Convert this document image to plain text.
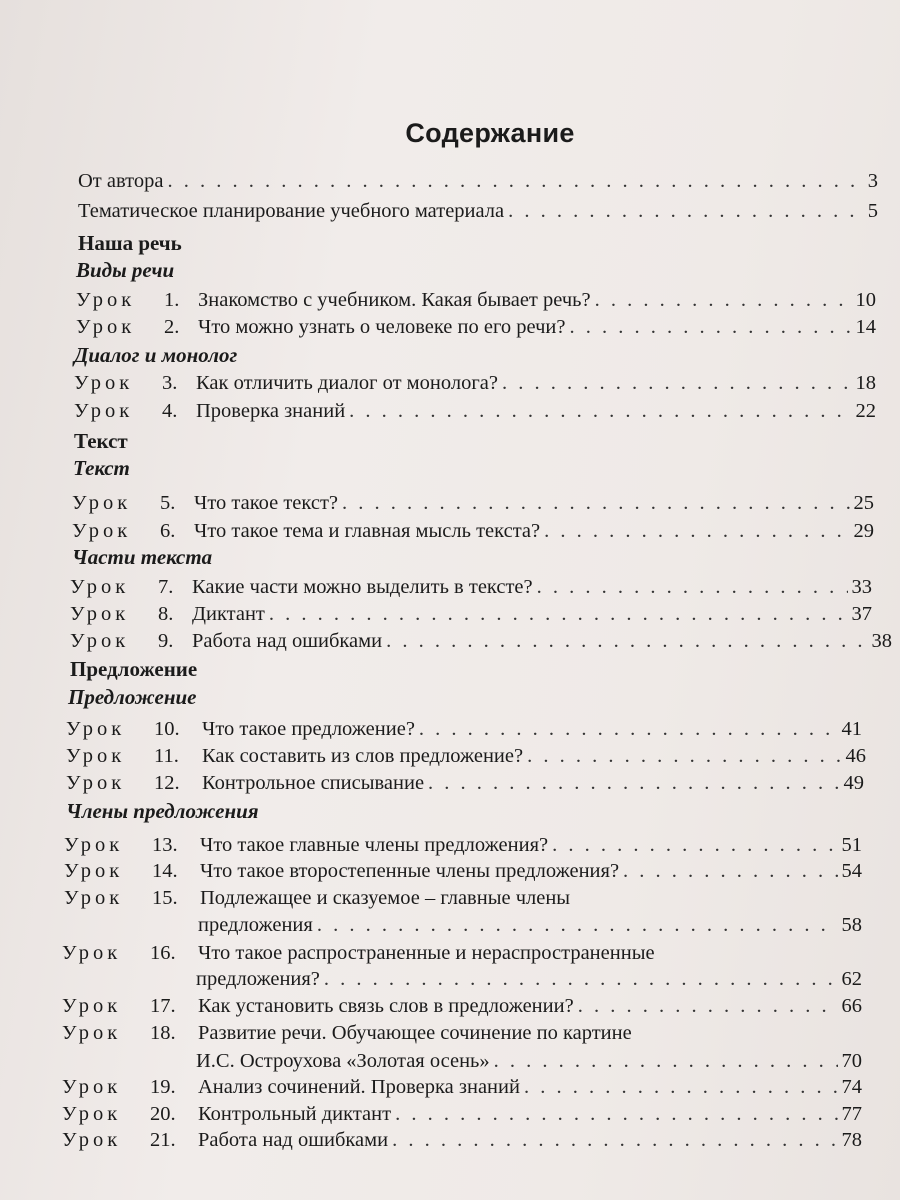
Содержание
От автора . . .	3
Тематическое планирование учебного материала . . .	5
Наша речь
Виды речи
Урок	1. Знакомство с учебником. Какая бывает речь? . . .	10
Урок	2. Что можно узнать о человеке по его речи? . . .	14
Диалог и монолог
Урок	3. Как отличить диалог от монолога? . . .	18
Урок	4. Проверка знаний . . .	22
Текст
Текст
Урок	5. Что такое текст? . . .	25
Урок	6. Что такое тема и главная мысль текста? . . .	29
Части текста
Урок	7. Какие части можно выделить в тексте? . . .	33
Урок	8. Диктант . . .	37
Урок	9. Работа над ошибками . . .	38
Предложение
Предложение
Урок	10.	Что такое предложение? . . .	41
Урок	11.	Как составить из слов предложение? . . .	46
Урок	12.	Контрольное списывание . . .	49
Члены предложения
Урок	13.	Что такое главные члены предложения? . . .	51
Урок	14.	Что такое второстепенные члены предложения? . . .	54
Урок	15.	Подлежащее и сказуемое – главные члены
предложения . . .	58
Урок	16.	Что такое распространенные и нераспространенные
предложения? . . .	62
Урок	17.	Как установить связь слов в предложении? . . .	66
Урок	18.	Развитие речи. Обучающее сочинение по картине
И.С. Остроухова «Золотая осень» . . .	70
Урок	19.	Анализ сочинений. Проверка знаний . . .	74
Урок	20.	Контрольный диктант . . .	77
Урок	21.	Работа над ошибками . . .	78
